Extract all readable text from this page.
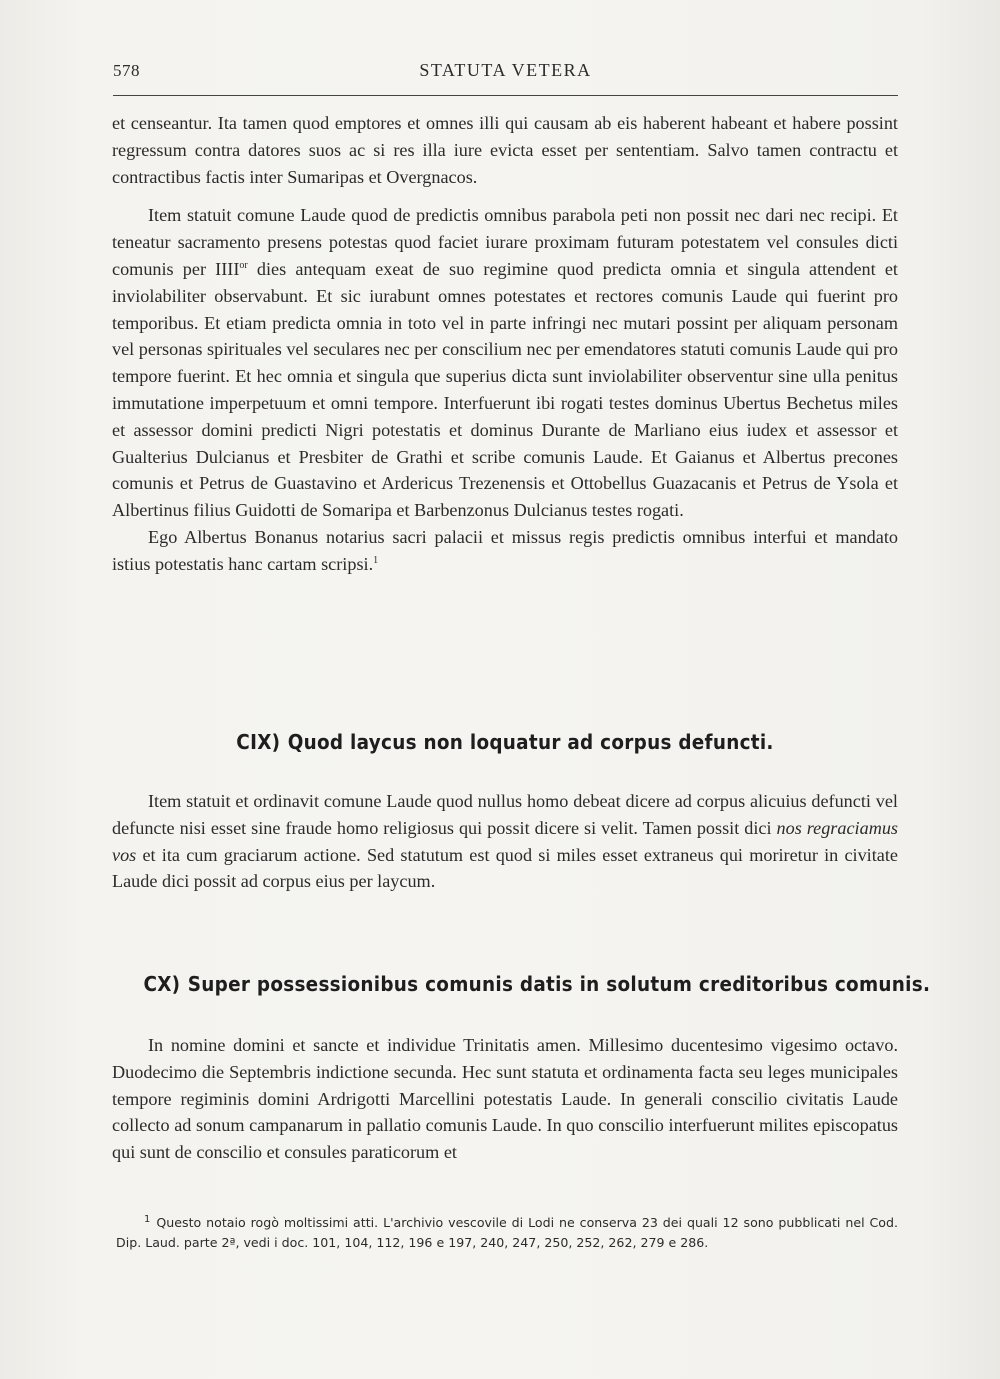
578	STATUTA VETERA

et censeantur. Ita tamen quod emptores et omnes illi qui causam ab eis haberent habeant et habere possint regressum contra datores suos ac si res illa iure evicta esset per sententiam. Salvo tamen contractu et contractibus factis inter Sumaripas et Overgnacos.

Item statuit comune Laude quod de predictis omnibus parabola peti non possit nec dari nec recipi. Et teneatur sacramento presens potestas quod faciet iurare proximam futuram potestatem vel consules dicti comunis per $IIII^{or}$ dies antequam exeat de suo regimine quod predicta omnia et singula attendent et inviolabiliter observabunt. Et sic iurabunt omnes potestates et rectores comunis Laude qui fuerint pro temporibus. Et etiam predicta omnia in toto vel in parte infringi nec mutari possint per aliquam personam vel personas spirituales vel seculares nec per conscilium nec per emendatores statuti comunis Laude qui pro tempore fuerint. Et hec omnia et singula que superius dicta sunt inviolabiliter observentur sine ulla penitus immutatione imperpetuum et omni tempore. Interfuerunt ibi rogati testes dominus Ubertus Bechetus miles et assessor domini predicti Nigri potestatis et dominus Durante de Marliano eius iudex et assessor et Gualterius Dulcianus et Presbiter de Grathi et scribe comunis Laude. Et Gaianus et Albertus precones comunis et Petrus de Guastavino et Ardericus Trezenensis et Ottobellus Guazacanis et Petrus de Ysola et Albertinus filius Guidotti de Somaripa et Barbenzonus Dulcianus testes rogati.

Ego Albertus Bonanus notarius sacri palacii et missus regis predictis omnibus interfui et mandato istius potestatis hanc cartam scripsi.$^1$

CIX) Quod laycus non loquatur ad corpus defuncti.

Item statuit et ordinavit comune Laude quod nullus homo debeat dicere ad corpus alicuius defuncti vel defuncte nisi esset sine fraude homo religiosus qui possit dicere si velit. Tamen possit dici nos regraciamus vos et ita cum graciarum actione. Sed statutum est quod si miles esset extraneus qui moriretur in civitate Laude dici possit ad corpus eius per laycum.

CX) Super possessionibus comunis datis in solutum creditoribus comunis.

In nomine domini et sancte et individue Trinitatis amen. Millesimo ducentesimo vigesimo octavo. Duodecimo die Septembris indictione secunda. Hec sunt statuta et ordinamenta facta seu leges municipales tempore regiminis domini Ardrigotti Marcellini potestatis Laude. In generali conscilio civitatis Laude collecto ad sonum campanarum in pallatio comunis Laude. In quo conscilio interfuerunt milites episcopatus qui sunt de conscilio et consules paraticorum et

1 Questo notaio rogò moltissimi atti. L'archivio vescovile di Lodi ne conserva 23 dei quali 12 sono pubblicati nel Cod. Dip. Laud. parte 2ª, vedi i doc. 101, 104, 112, 196 e 197, 240, 247, 250, 252, 262, 279 e 286.
